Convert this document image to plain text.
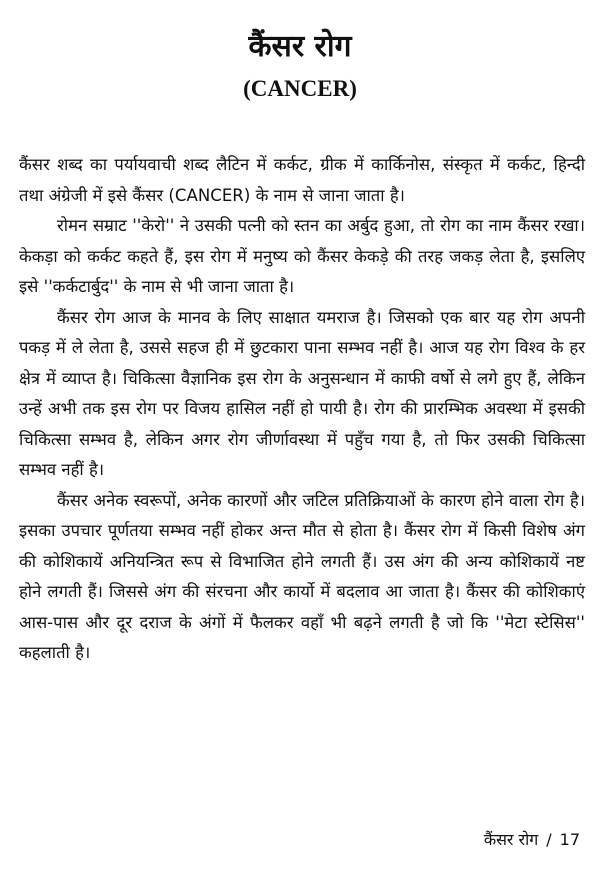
कैंसर रोग
(CANCER)

कैंसर शब्द का पर्यायवाची शब्द लैटिन में कर्कट, ग्रीक में कार्किनोस, संस्कृत में कर्कट, हिन्दी तथा अंग्रेजी में इसे कैंसर (CANCER) के नाम से जाना जाता है।

रोमन सम्राट ''केरो'' ने उसकी पत्नी को स्तन का अर्बुद हुआ, तो रोग का नाम कैंसर रखा। केकड़ा को कर्कट कहते हैं, इस रोग में मनुष्य को कैंसर केकड़े की तरह जकड़ लेता है, इसलिए इसे ''कर्कटार्बुद'' के नाम से भी जाना जाता है।

कैंसर रोग आज के मानव के लिए साक्षात यमराज है। जिसको एक बार यह रोग अपनी पकड़ में ले लेता है, उससे सहज ही में छुटकारा पाना सम्भव नहीं है। आज यह रोग विश्व के हर क्षेत्र में व्याप्त है। चिकित्सा वैज्ञानिक इस रोग के अनुसन्धान में काफी वर्षो से लगे हुए हैं, लेकिन उन्हें अभी तक इस रोग पर विजय हासिल नहीं हो पायी है। रोग की प्रारम्भिक अवस्था में इसकी चिकित्सा सम्भव है, लेकिन अगर रोग जीर्णावस्था में पहुँच गया है, तो फिर उसकी चिकित्सा सम्भव नहीं है।

कैंसर अनेक स्वरूपों, अनेक कारणों और जटिल प्रतिक्रियाओं के कारण होने वाला रोग है। इसका उपचार पूर्णतया सम्भव नहीं होकर अन्त मौत से होता है। कैंसर रोग में किसी विशेष अंग की कोशिकायें अनियन्त्रित रूप से विभाजित होने लगती हैं। उस अंग की अन्य कोशिकायें नष्ट होने लगती हैं। जिससे अंग की संरचना और कार्यो में बदलाव आ जाता है। कैंसर की कोशिकाएं आस-पास और दूर दराज के अंगों में फैलकर वहाँ भी बढ़ने लगती है जो कि ''मेटा स्टेसिस'' कहलाती है।

कैंसर रोग / 17
